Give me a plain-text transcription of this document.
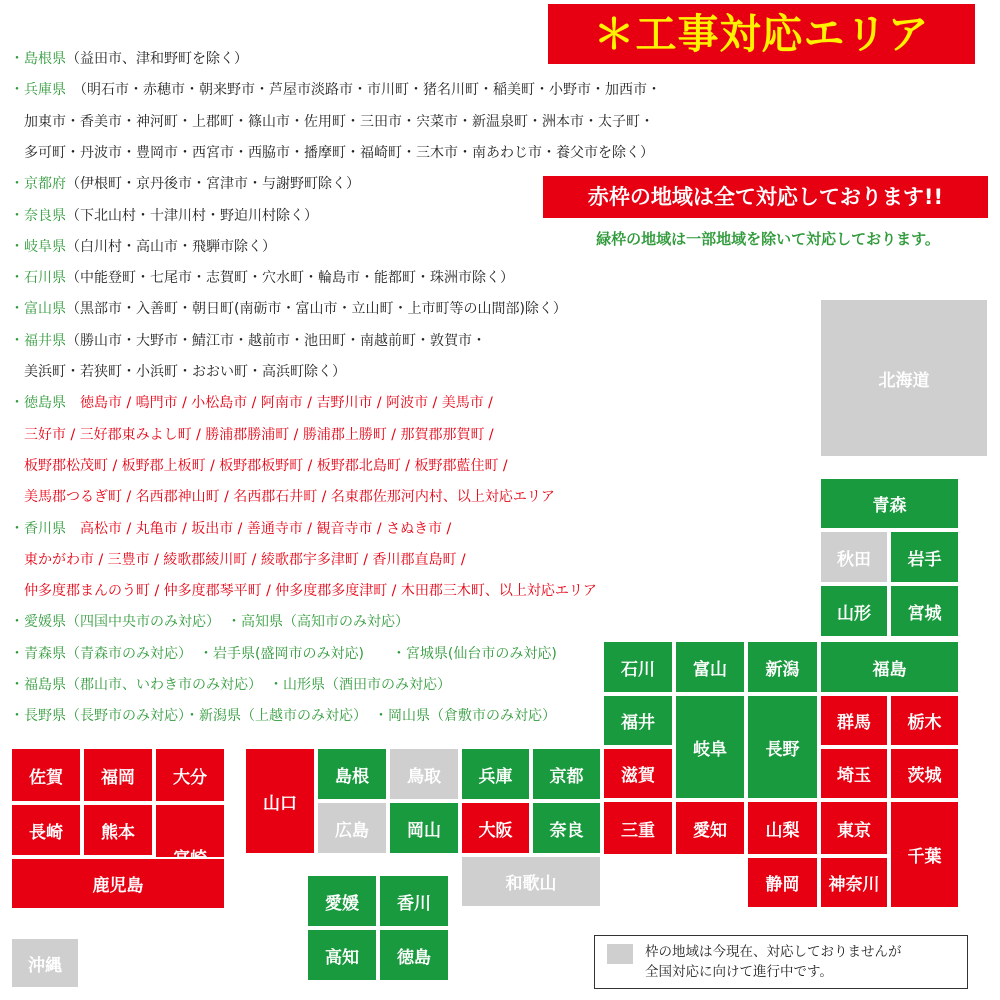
＊工事対応エリア
・島根県（益田市、津和野町を除く）
・兵庫県　（明石市・赤穂市・朝来野市・芦屋市淡路市・市川町・猪名川町・稲美町・小野市・加西市・
加東市・香美市・神河町・上郡町・篠山市・佐用町・三田市・宍菜市・新温泉町・洲本市・太子町・
多可町・丹波市・豊岡市・西宮市・西脇市・播摩町・福崎町・三木市・南あわじ市・養父市を除く）
・京都府（伊根町・京丹後市・宮津市・与謝野町除く）
・奈良県（下北山村・十津川村・野迫川村除く）
・岐阜県（白川村・高山市・飛騨市除く）
・石川県（中能登町・七尾市・志賀町・穴水町・輪島市・能都町・珠洲市除く）
・富山県（黒部市・入善町・朝日町(南砺市・富山市・立山町・上市町等の山間部)除く）
・福井県（勝山市・大野市・鯖江市・越前市・池田町・南越前町・敦賀市・
美浜町・若狭町・小浜町・おおい町・高浜町除く）
・徳島県　徳島市 / 鳴門市 / 小松島市 / 阿南市 / 吉野川市 / 阿波市 / 美馬市 /
三好市 / 三好郡東みよし町 / 勝浦郡勝浦町 / 勝浦郡上勝町 / 那賀郡那賀町 /
板野郡松茂町 / 板野郡上板町 / 板野郡板野町 / 板野郡北島町 / 板野郡藍住町 /
美馬郡つるぎ町 / 名西郡神山町 / 名西郡石井町 / 名東郡佐那河内村、以上対応エリア
・香川県　高松市 / 丸亀市 / 坂出市 / 善通寺市 / 観音寺市 / さぬき市 /
東かがわ市 / 三豊市 / 綾歌郡綾川町 / 綾歌郡宇多津町 / 香川郡直島町 /
仲多度郡まんのう町 / 仲多度郡琴平町 / 仲多度郡多度津町 / 木田郡三木町、以上対応エリア
・愛媛県（四国中央市のみ対応）　・高知県（高知市のみ対応）
・青森県（青森市のみ対応）　・岩手県(盛岡市のみ対応)　　・宮城県(仙台市のみ対応)
・福島県（郡山市、いわき市のみ対応）　・山形県（酒田市のみ対応）
・長野県（長野市のみ対応）・新潟県（上越市のみ対応）　・岡山県（倉敷市のみ対応）
赤枠の地域は全て対応しております!!
緑枠の地域は一部地域を除いて対応しております。
北海道
青森
秋田	岩手
山形	宮城
石川	富山	新潟	福島
福井
岐阜	長野
群馬	栃木
滋賀	埼玉	茨城
佐賀	福岡	大分
山口
島根	鳥取	兵庫	京都
長崎	熊本	広島	岡山	大阪	奈良	三重	愛知	山梨	東京
千葉
鹿児島	和歌山	静岡	神奈川
愛媛	香川
高知	徳島
沖縄
枠の地域は今現在、対応しておりませんが
全国対応に向けて進行中です。
